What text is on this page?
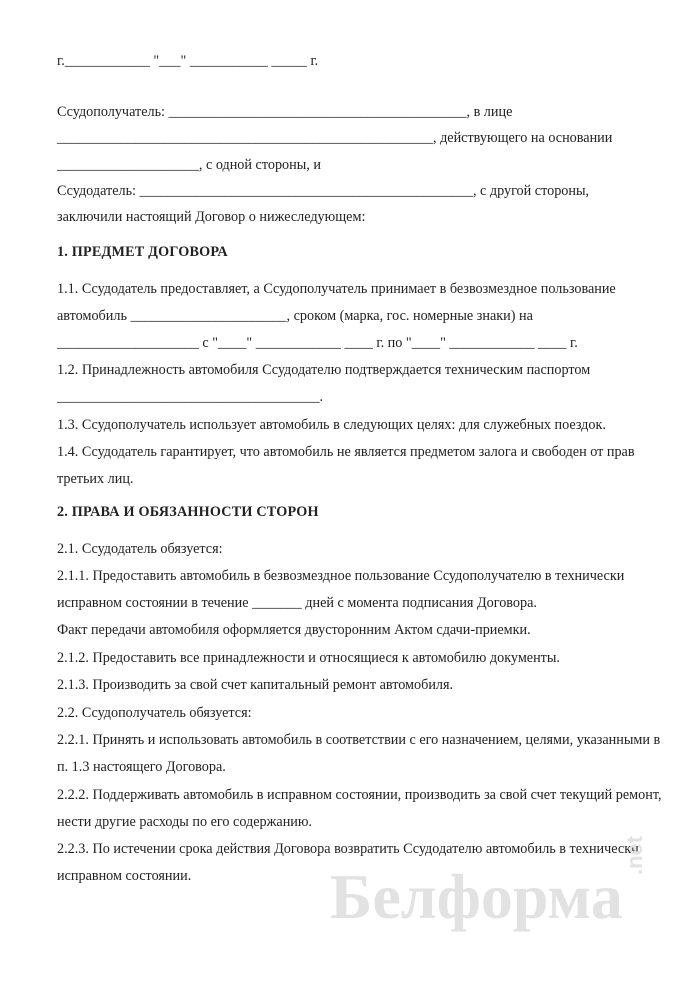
г.____________ "___" ___________ _____ г.
Ссудополучатель: __________________________________________, в лице
_____________________________________________________, действующего на основании
____________________, с одной стороны, и
Ссудодатель: _______________________________________________, с другой стороны,
заключили настоящий Договор о нижеследующем:
1. ПРЕДМЕТ ДОГОВОРА
1.1. Ссудодатель предоставляет, а Ссудополучатель принимает в безвозмездное пользование
автомобиль ______________________, сроком (марка, гос. номерные знаки) на
____________________ с "____" ____________ ____ г. по "____" ____________ ____ г.
1.2. Принадлежность автомобиля Ссудодателю подтверждается техническим паспортом
_____________________________________.
1.3. Ссудополучатель использует автомобиль в следующих целях: для служебных поездок.
1.4. Ссудодатель гарантирует, что автомобиль не является предметом залога и свободен от прав
третьих лиц.
2. ПРАВА И ОБЯЗАННОСТИ СТОРОН
2.1. Ссудодатель обязуется:
2.1.1. Предоставить автомобиль в безвозмездное пользование Ссудополучателю в технически
исправном состоянии в течение _______ дней с момента подписания Договора.
Факт передачи автомобиля оформляется двусторонним Актом сдачи-приемки.
2.1.2. Предоставить все принадлежности и относящиеся к автомобилю документы.
2.1.3. Производить за свой счет капитальный ремонт автомобиля.
2.2. Ссудополучатель обязуется:
2.2.1. Принять и использовать автомобиль в соответствии с его назначением, целями, указанными в
п. 1.3 настоящего Договора.
2.2.2. Поддерживать автомобиль в исправном состоянии, производить за свой счет текущий ремонт,
нести другие расходы по его содержанию.
2.2.3. По истечении срока действия Договора возвратить Ссудодателю автомобиль в технически
исправном состоянии. Белформа
.net
